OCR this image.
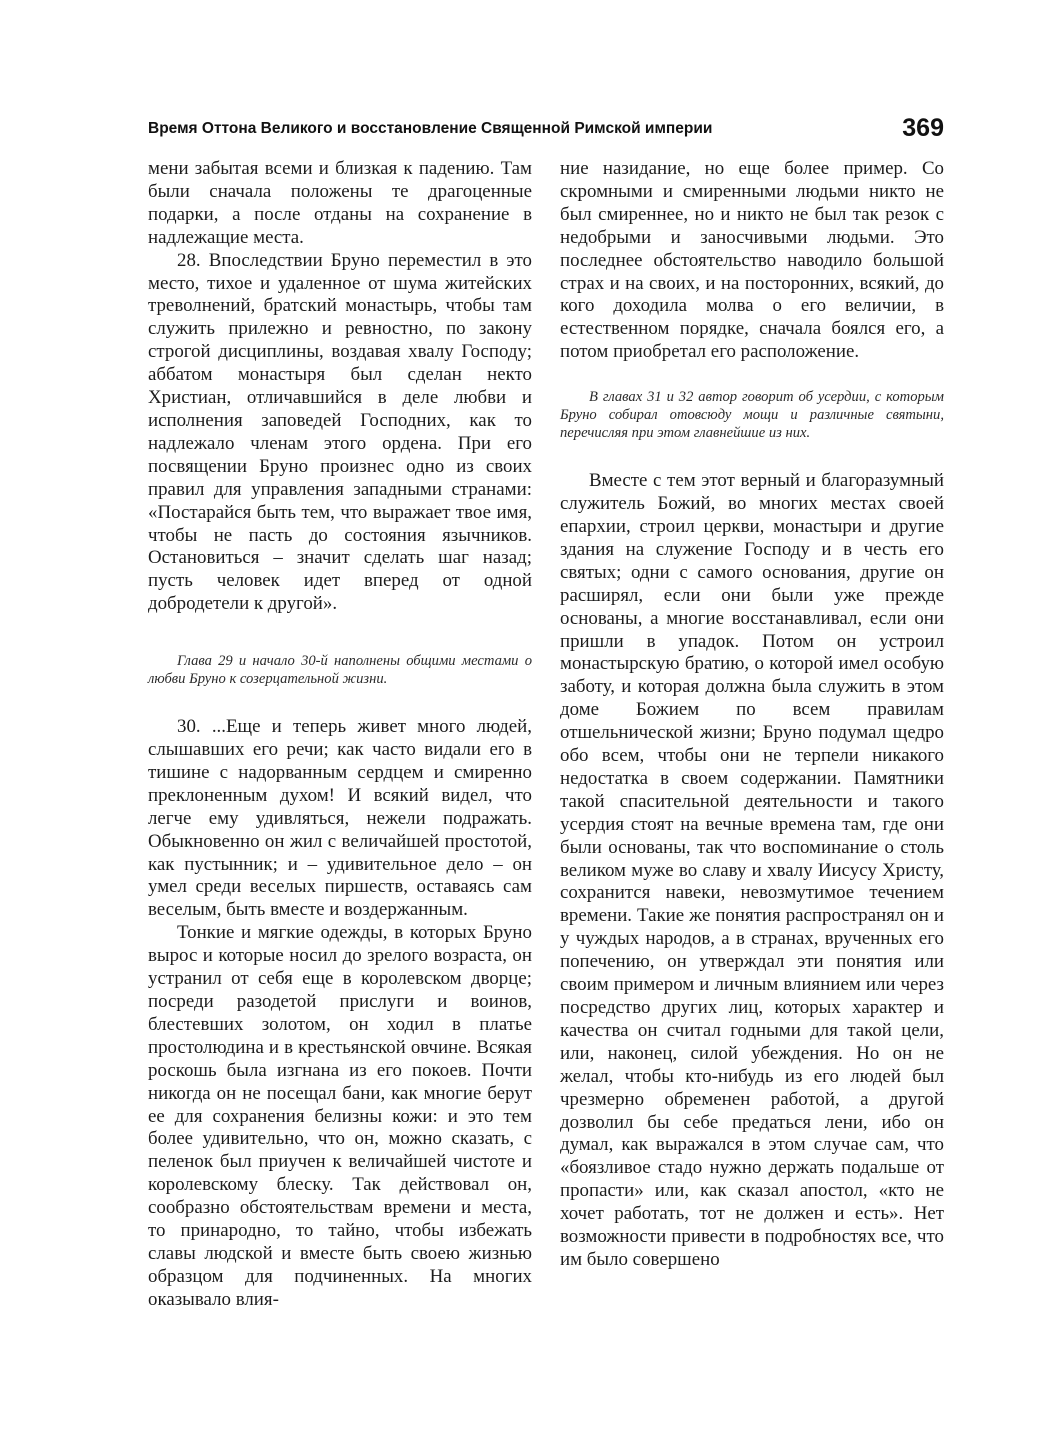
Время Оттона Великого и восстановление Священной Римской империи	369

мени забытая всеми и близкая к падению. Там были сначала положены те драгоценные подарки, а после отданы на сохранение в надлежащие места.

28. Впоследствии Бруно переместил в это место, тихое и удаленное от шума житейских треволнений, братский монастырь, чтобы там служить прилежно и ревностно, по закону строгой дисциплины, воздавая хвалу Господу; аббатом монастыря был сделан некто Христиан, отличавшийся в деле любви и исполнения заповедей Господних, как то надлежало членам этого ордена. При его посвящении Бруно произнес одно из своих правил для управления западными странами: «Постарайся быть тем, что выражает твое имя, чтобы не пасть до состояния язычников. Остановиться – значит сделать шаг назад; пусть человек идет вперед от одной добродетели к другой».

Глава 29 и начало 30-й наполнены общими местами о любви Бруно к созерцательной жизни.

30. ...Еще и теперь живет много людей, слышавших его речи; как часто видали его в тишине с надорванным сердцем и смиренно преклоненным духом! И всякий видел, что легче ему удивляться, нежели подражать. Обыкновенно он жил с величайшей простотой, как пустынник; и – удивительное дело – он умел среди веселых пиршеств, оставаясь сам веселым, быть вместе и воздержанным.

Тонкие и мягкие одежды, в которых Бруно вырос и которые носил до зрелого возраста, он устранил от себя еще в королевском дворце; посреди разодетой прислуги и воинов, блестевших золотом, он ходил в платье простолюдина и в крестьянской овчине. Всякая роскошь была изгнана из его покоев. Почти никогда он не посещал бани, как многие берут ее для сохранения белизны кожи: и это тем более удивительно, что он, можно сказать, с пеленок был приучен к величайшей чистоте и королевскому блеску. Так действовал он, сообразно обстоятельствам времени и места, то принародно, то тайно, чтобы избежать славы людской и вместе быть своею жизнью образцом для подчиненных. На многих оказывало влия-

ние назидание, но еще более пример. Со скромными и смиренными людьми никто не был смиреннее, но и никто не был так резок с недобрыми и заносчивыми людьми. Это последнее обстоятельство наводило большой страх и на своих, и на посторонних, всякий, до кого доходила молва о его величии, в естественном порядке, сначала боялся его, а потом приобретал его расположение.

В главах 31 и 32 автор говорит об усердии, с которым Бруно собирал отовсюду мощи и различные святыни, перечисляя при этом главнейшие из них.

Вместе с тем этот верный и благоразумный служитель Божий, во многих местах своей епархии, строил церкви, монастыри и другие здания на служение Господу и в честь его святых; одни с самого основания, другие он расширял, если они были уже прежде основаны, а многие восстанавливал, если они пришли в упадок. Потом он устроил монастырскую братию, о которой имел особую заботу, и которая должна была служить в этом доме Божием по всем правилам отшельнической жизни; Бруно подумал щедро обо всем, чтобы они не терпели никакого недостатка в своем содержании. Памятники такой спасительной деятельности и такого усердия стоят на вечные времена там, где они были основаны, так что воспоминание о столь великом муже во славу и хвалу Иисусу Христу, сохранится навеки, невозмутимое течением времени. Такие же понятия распространял он и у чуждых народов, а в странах, врученных его попечению, он утверждал эти понятия или своим примером и личным влиянием или через посредство других лиц, которых характер и качества он считал годными для такой цели, или, наконец, силой убеждения. Но он не желал, чтобы кто-нибудь из его людей был чрезмерно обременен работой, а другой дозволил бы себе предаться лени, ибо он думал, как выражался в этом случае сам, что «боязливое стадо нужно держать подальше от пропасти» или, как сказал апостол, «кто не хочет работать, тот не должен и есть». Нет возможности привести в подробностях все, что им было совершено
